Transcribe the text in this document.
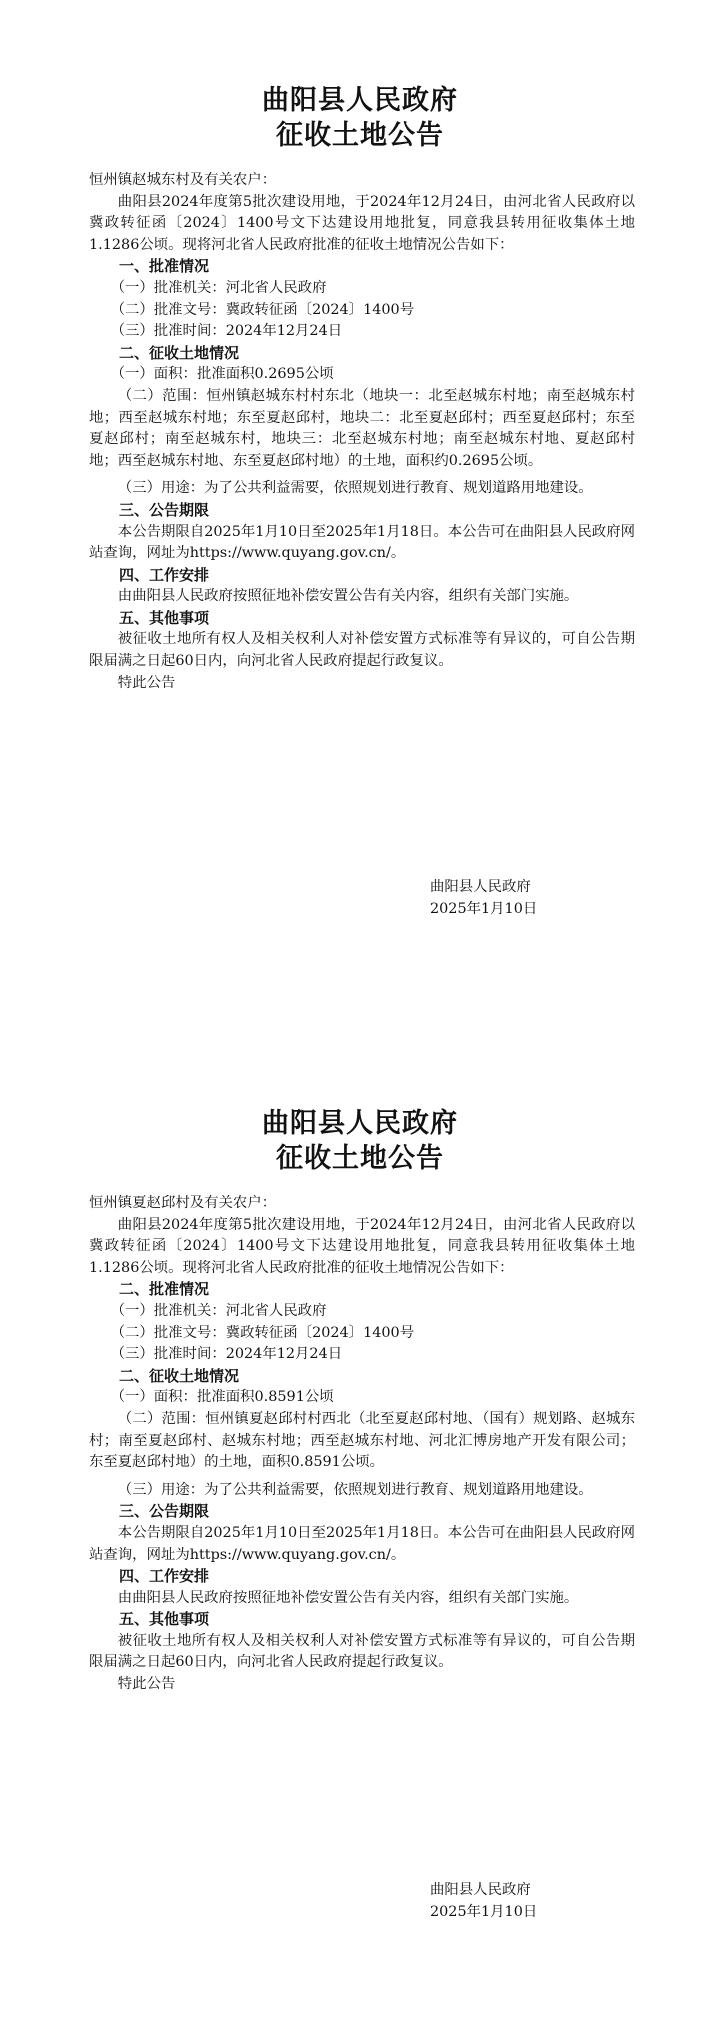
曲阳县人民政府
征收土地公告

恒州镇赵城东村及有关农户：

曲阳县2024年度第5批次建设用地，于2024年12月24日，由河北省人民政府以冀政转征函〔2024〕1400号文下达建设用地批复，同意我县转用征收集体土地1.1286公顷。现将河北省人民政府批准的征收土地情况公告如下：

一、批准情况

（一）批准机关：河北省人民政府

（二）批准文号：冀政转征函〔2024〕1400号

（三）批准时间：2024年12月24日

二、征收土地情况

（一）面积：批准面积0.2695公顷

（二）范围：恒州镇赵城东村村东北（地块一：北至赵城东村地；南至赵城东村地；西至赵城东村地；东至夏赵邱村，地块二：北至夏赵邱村；西至夏赵邱村；东至夏赵邱村；南至赵城东村，地块三：北至赵城东村地；南至赵城东村地、夏赵邱村地；西至赵城东村地、东至夏赵邱村地）的土地，面积约0.2695公顷。

（三）用途：为了公共利益需要，依照规划进行教育、规划道路用地建设。

三、公告期限

本公告期限自2025年1月10日至2025年1月18日。本公告可在曲阳县人民政府网站查询，网址为https://www.quyang.gov.cn/。

四、工作安排

由曲阳县人民政府按照征地补偿安置公告有关内容，组织有关部门实施。

五、其他事项

被征收土地所有权人及相关权利人对补偿安置方式标准等有异议的，可自公告期限届满之日起60日内，向河北省人民政府提起行政复议。

特此公告

曲阳县人民政府
2025年1月10日
曲阳县人民政府
征收土地公告

恒州镇夏赵邱村及有关农户：

曲阳县2024年度第5批次建设用地，于2024年12月24日，由河北省人民政府以冀政转征函〔2024〕1400号文下达建设用地批复，同意我县转用征收集体土地1.1286公顷。现将河北省人民政府批准的征收土地情况公告如下：

二、批准情况

（一）批准机关：河北省人民政府

（二）批准文号：冀政转征函〔2024〕1400号

（三）批准时间：2024年12月24日

二、征收土地情况

（一）面积：批准面积0.8591公顷

（二）范围：恒州镇夏赵邱村村西北（北至夏赵邱村地、（国有）规划路、赵城东村；南至夏赵邱村、赵城东村地；西至赵城东村地、河北汇博房地产开发有限公司；东至夏赵邱村地）的土地，面积0.8591公顷。

（三）用途：为了公共利益需要，依照规划进行教育、规划道路用地建设。

三、公告期限

本公告期限自2025年1月10日至2025年1月18日。本公告可在曲阳县人民政府网站查询，网址为https://www.quyang.gov.cn/。

四、工作安排

由曲阳县人民政府按照征地补偿安置公告有关内容，组织有关部门实施。

五、其他事项

被征收土地所有权人及相关权利人对补偿安置方式标准等有异议的，可自公告期限届满之日起60日内，向河北省人民政府提起行政复议。

特此公告

曲阳县人民政府
2025年1月10日
